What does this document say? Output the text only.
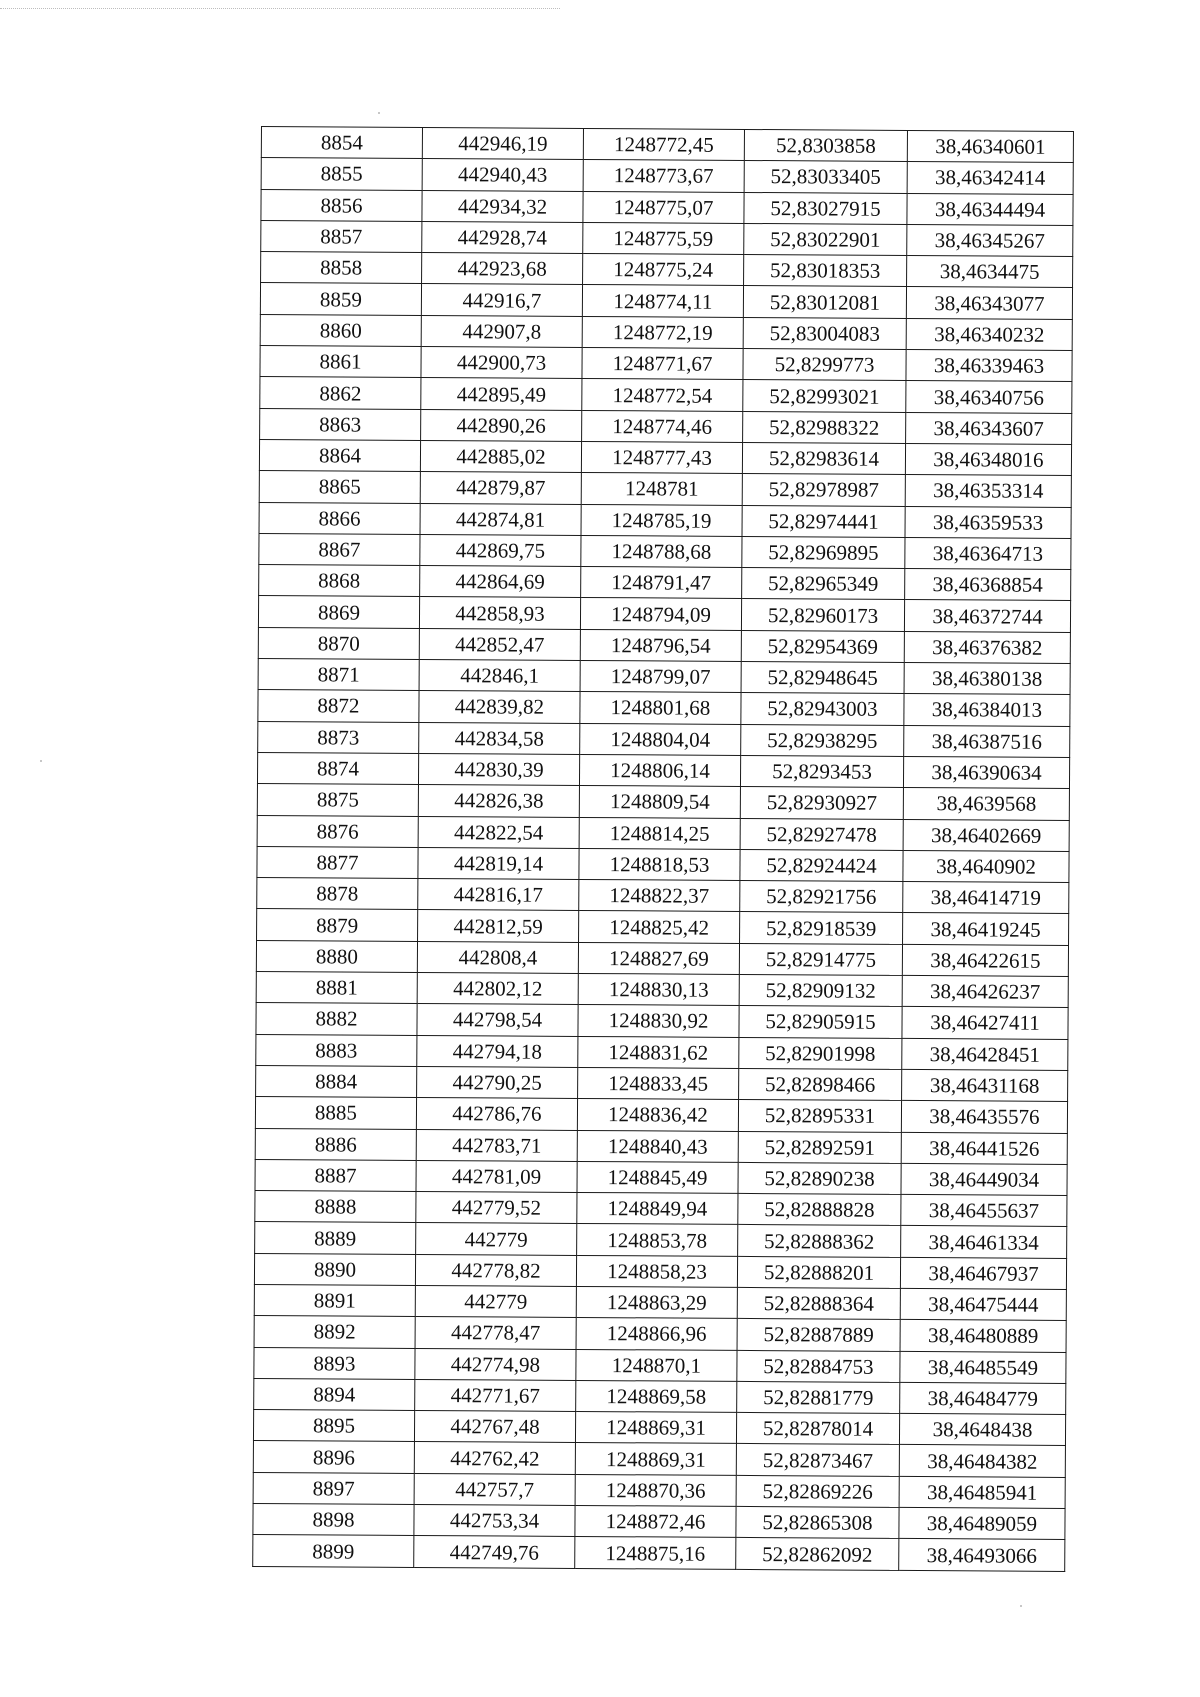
8854	442946,19	1248772,45	52,8303858	38,46340601
8855	442940,43	1248773,67	52,83033405	38,46342414
8856	442934,32	1248775,07	52,83027915	38,46344494
8857	442928,74	1248775,59	52,83022901	38,46345267
8858	442923,68	1248775,24	52,83018353	38,4634475
8859	442916,7	1248774,11	52,83012081	38,46343077
8860	442907,8	1248772,19	52,83004083	38,46340232
8861	442900,73	1248771,67	52,8299773	38,46339463
8862	442895,49	1248772,54	52,82993021	38,46340756
8863	442890,26	1248774,46	52,82988322	38,46343607
8864	442885,02	1248777,43	52,82983614	38,46348016
8865	442879,87	1248781	52,82978987	38,46353314
8866	442874,81	1248785,19	52,82974441	38,46359533
8867	442869,75	1248788,68	52,82969895	38,46364713
8868	442864,69	1248791,47	52,82965349	38,46368854
8869	442858,93	1248794,09	52,82960173	38,46372744
8870	442852,47	1248796,54	52,82954369	38,46376382
8871	442846,1	1248799,07	52,82948645	38,46380138
8872	442839,82	1248801,68	52,82943003	38,46384013
8873	442834,58	1248804,04	52,82938295	38,46387516
8874	442830,39	1248806,14	52,8293453	38,46390634
8875	442826,38	1248809,54	52,82930927	38,4639568
8876	442822,54	1248814,25	52,82927478	38,46402669
8877	442819,14	1248818,53	52,82924424	38,4640902
8878	442816,17	1248822,37	52,82921756	38,46414719
8879	442812,59	1248825,42	52,82918539	38,46419245
8880	442808,4	1248827,69	52,82914775	38,46422615
8881	442802,12	1248830,13	52,82909132	38,46426237
8882	442798,54	1248830,92	52,82905915	38,46427411
8883	442794,18	1248831,62	52,82901998	38,46428451
8884	442790,25	1248833,45	52,82898466	38,46431168
8885	442786,76	1248836,42	52,82895331	38,46435576
8886	442783,71	1248840,43	52,82892591	38,46441526
8887	442781,09	1248845,49	52,82890238	38,46449034
8888	442779,52	1248849,94	52,82888828	38,46455637
8889	442779	1248853,78	52,82888362	38,46461334
8890	442778,82	1248858,23	52,82888201	38,46467937
8891	442779	1248863,29	52,82888364	38,46475444
8892	442778,47	1248866,96	52,82887889	38,46480889
8893	442774,98	1248870,1	52,82884753	38,46485549
8894	442771,67	1248869,58	52,82881779	38,46484779
8895	442767,48	1248869,31	52,82878014	38,4648438
8896	442762,42	1248869,31	52,82873467	38,46484382
8897	442757,7	1248870,36	52,82869226	38,46485941
8898	442753,34	1248872,46	52,82865308	38,46489059
8899	442749,76	1248875,16	52,82862092	38,46493066
